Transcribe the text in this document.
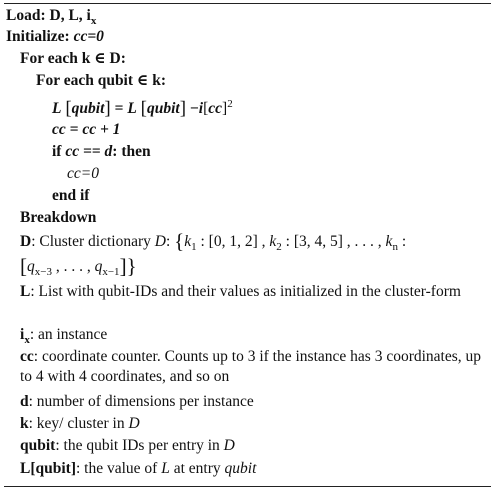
Load: D, L, $i_x$
Initialize: cc=0
For each k ∈ D:
For each qubit ∈ k:
L [qubit] = L [qubit] −i[cc]$^2$
cc = cc + 1
if cc == d: then
cc=0
end if
Breakdown
D: Cluster dictionary D: {$k_1$ : [0, 1, 2] , $k_2$ : [3, 4, 5] , . . . , $k_n$ :
[$q_{x-3}$ , . . . , $q_{x-1}$]}
L: List with qubit-IDs and their values as initialized in the cluster-form
$i_x$: an instance
cc: coordinate counter. Counts up to 3 if the instance has 3 coordinates, up to 4 with 4 coordinates, and so on
d: number of dimensions per instance
k: key/ cluster in D
qubit: the qubit IDs per entry in D
L[qubit]: the value of L at entry qubit
